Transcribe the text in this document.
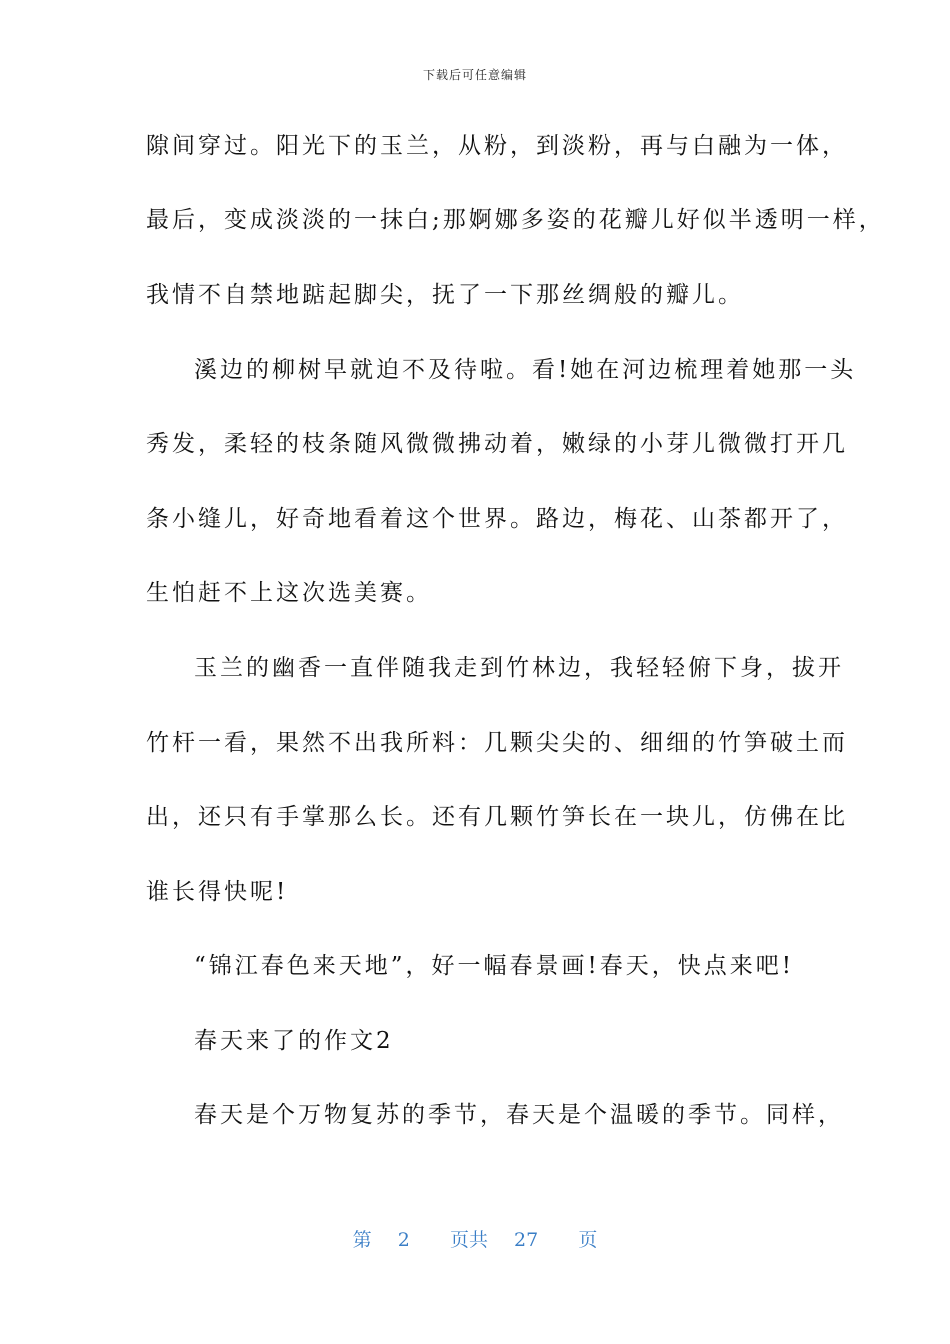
下载后可任意编辑
隙间穿过。阳光下的玉兰，从粉，到淡粉，再与白融为一体，
最后，变成淡淡的一抹白;那婀娜多姿的花瓣儿好似半透明一样，
我情不自禁地踮起脚尖，抚了一下那丝绸般的瓣儿。
溪边的柳树早就迫不及待啦。看!她在河边梳理着她那一头
秀发，柔轻的枝条随风微微拂动着，嫩绿的小芽儿微微打开几
条小缝儿，好奇地看着这个世界。路边，梅花、山茶都开了，
生怕赶不上这次选美赛。
玉兰的幽香一直伴随我走到竹林边，我轻轻俯下身，拔开
竹杆一看，果然不出我所料：几颗尖尖的、细细的竹笋破土而
出，还只有手掌那么长。还有几颗竹笋长在一块儿，仿佛在比
谁长得快呢!
“锦江春色来天地”，好一幅春景画!春天，快点来吧!
春天来了的作文2
春天是个万物复苏的季节，春天是个温暖的季节。同样，
第 2 页共 27 页
